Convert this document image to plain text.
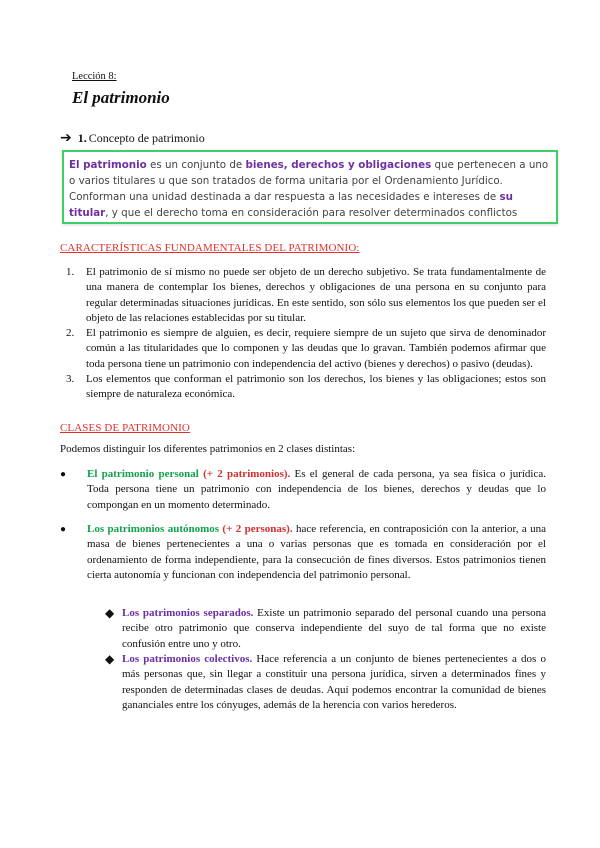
Lección 8:
El patrimonio
➔ 1. Concepto de patrimonio
El patrimonio es un conjunto de bienes, derechos y obligaciones que pertenecen a uno o varios titulares u que son tratados de forma unitaria por el Ordenamiento Jurídico. Conforman una unidad destinada a dar respuesta a las necesidades e intereses de su titular, y que el derecho toma en consideración para resolver determinados conflictos
CARACTERÍSTICAS FUNDAMENTALES DEL PATRIMONIO:
1. El patrimonio de sí mismo no puede ser objeto de un derecho subjetivo. Se trata fundamentalmente de una manera de contemplar los bienes, derechos y obligaciones de una persona en su conjunto para regular determinadas situaciones jurídicas. En este sentido, son sólo sus elementos los que pueden ser el objeto de las relaciones establecidas por su titular.
2. El patrimonio es siempre de alguien, es decir, requiere siempre de un sujeto que sirva de denominador común a las titularidades que lo componen y las deudas que lo gravan. También podemos afirmar que toda persona tiene un patrimonio con independencia del activo (bienes y derechos) o pasivo (deudas).
3. Los elementos que conforman el patrimonio son los derechos, los bienes y las obligaciones; estos son siempre de naturaleza económica.
CLASES DE PATRIMONIO
Podemos distinguir los diferentes patrimonios en 2 clases distintas:
● El patrimonio personal (+ 2 patrimonios). Es el general de cada persona, ya sea física o jurídica. Toda persona tiene un patrimonio con independencia de los bienes, derechos y deudas que lo compongan en un momento determinado.
● Los patrimonios autónomos (+ 2 personas). hace referencia, en contraposición con la anterior, a una masa de bienes pertenecientes a una o varias personas que es tomada en consideración por el ordenamiento de forma independiente, para la consecución de fines diversos. Estos patrimonios tienen cierta autonomía y funcionan con independencia del patrimonio personal.
◆ Los patrimonios separados. Existe un patrimonio separado del personal cuando una persona recibe otro patrimonio que conserva independiente del suyo de tal forma que no existe confusión entre uno y otro.
◆ Los patrimonios colectivos. Hace referencia a un conjunto de bienes pertenecientes a dos o más personas que, sin llegar a constituir una persona jurídica, sirven a determinados fines y responden de determinadas clases de deudas. Aquí podemos encontrar la comunidad de bienes gananciales entre los cónyuges, además de la herencia con varios herederos.
